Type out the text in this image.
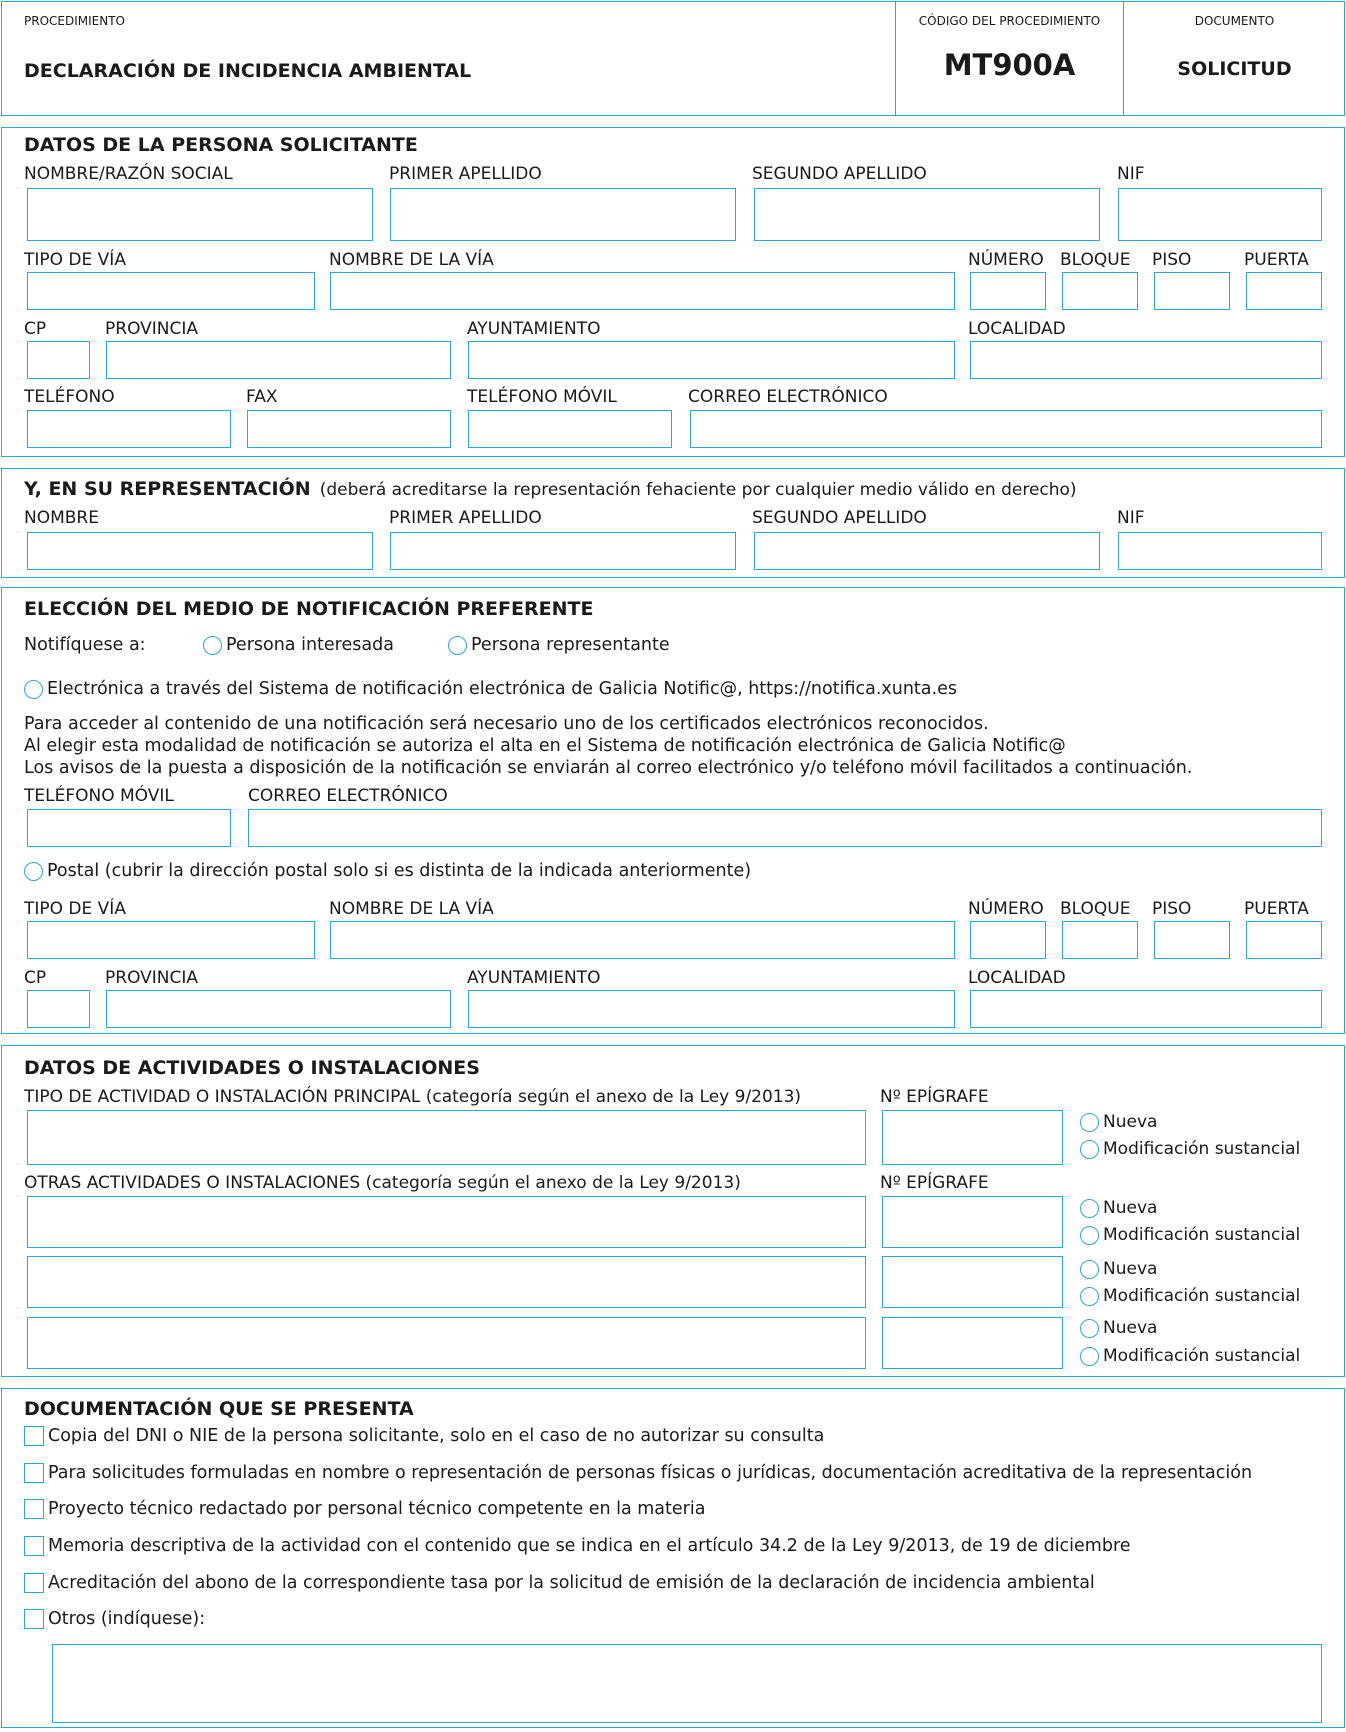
PROCEDIMIENTO
DECLARACIÓN DE INCIDENCIA AMBIENTAL
CÓDIGO DEL PROCEDIMIENTO
MT900A
DOCUMENTO
SOLICITUD
DATOS DE LA PERSONA SOLICITANTE
NOMBRE/RAZÓN SOCIAL	PRIMER APELLIDO	SEGUNDO APELLIDO	NIF
TIPO DE VÍA	NOMBRE DE LA VÍA	NÚMERO BLOQUE PISO	PUERTA
CP	PROVINCIA	AYUNTAMIENTO	LOCALIDAD
TELÉFONO	FAX	TELÉFONO MÓVIL	CORREO ELECTRÓNICO
Y, EN SU REPRESENTACIÓN (deberá acreditarse la representación fehaciente por cualquier medio válido en derecho)
NOMBRE	PRIMER APELLIDO	SEGUNDO APELLIDO	NIF
ELECCIÓN DEL MEDIO DE NOTIFICACIÓN PREFERENTE
Notifíquese a:	Persona interesada	Persona representante
Electrónica a través del Sistema de notificación electrónica de Galicia Notific@, https://notifica.xunta.es
Para acceder al contenido de una notificación será necesario uno de los certificados electrónicos reconocidos.
Al elegir esta modalidad de notificación se autoriza el alta en el Sistema de notificación electrónica de Galicia Notific@
Los avisos de la puesta a disposición de la notificación se enviarán al correo electrónico y/o teléfono móvil facilitados a continuación.
TELÉFONO MÓVIL	CORREO ELECTRÓNICO
Postal (cubrir la dirección postal solo si es distinta de la indicada anteriormente)
TIPO DE VÍA	NOMBRE DE LA VÍA	NÚMERO BLOQUE PISO	PUERTA
CP	PROVINCIA	AYUNTAMIENTO	LOCALIDAD
DATOS DE ACTIVIDADES O INSTALACIONES
TIPO DE ACTIVIDAD O INSTALACIÓN PRINCIPAL (categoría según el anexo de la Ley 9/2013)	Nº EPÍGRAFE
Nueva
Modificación sustancial
OTRAS ACTIVIDADES O INSTALACIONES (categoría según el anexo de la Ley 9/2013)	Nº EPÍGRAFE
Nueva
Modificación sustancial
Nueva
Modificación sustancial
Nueva
Modificación sustancial
DOCUMENTACIÓN QUE SE PRESENTA
Copia del DNI o NIE de la persona solicitante, solo en el caso de no autorizar su consulta
Para solicitudes formuladas en nombre o representación de personas físicas o jurídicas, documentación acreditativa de la representación
Proyecto técnico redactado por personal técnico competente en la materia
Memoria descriptiva de la actividad con el contenido que se indica en el artículo 34.2 de la Ley 9/2013, de 19 de diciembre
Acreditación del abono de la correspondiente tasa por la solicitud de emisión de la declaración de incidencia ambiental
Otros (indíquese):
